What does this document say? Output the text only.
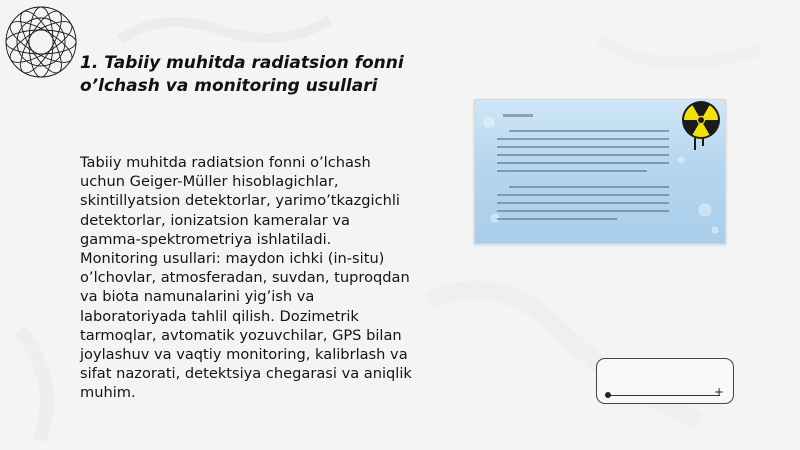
1. Tabiiy muhitda radiatsion fonni
o’lchash va monitoring usullari
Tabiiy muhitda radiatsion fonni o’lchash
uchun Geiger-Müller hisoblagichlar,
skintillyatsion detektorlar, yarimo’tkazgichli
detektorlar, ionizatsion kameralar va
gamma-spektrometriya ishlatiladi.
Monitoring usullari: maydon ichki (in-situ)
o’lchovlar, atmosferadan, suvdan, tuproqdan
va biota namunalarini yig’ish va
laboratoriyada tahlil qilish. Dozimetrik
tarmoqlar, avtomatik yozuvchilar, GPS bilan
joylashuv va vaqtiy monitoring, kalibrlash va
sifat nazorati, detektsiya chegarasi va aniqlik
muhim.	+
